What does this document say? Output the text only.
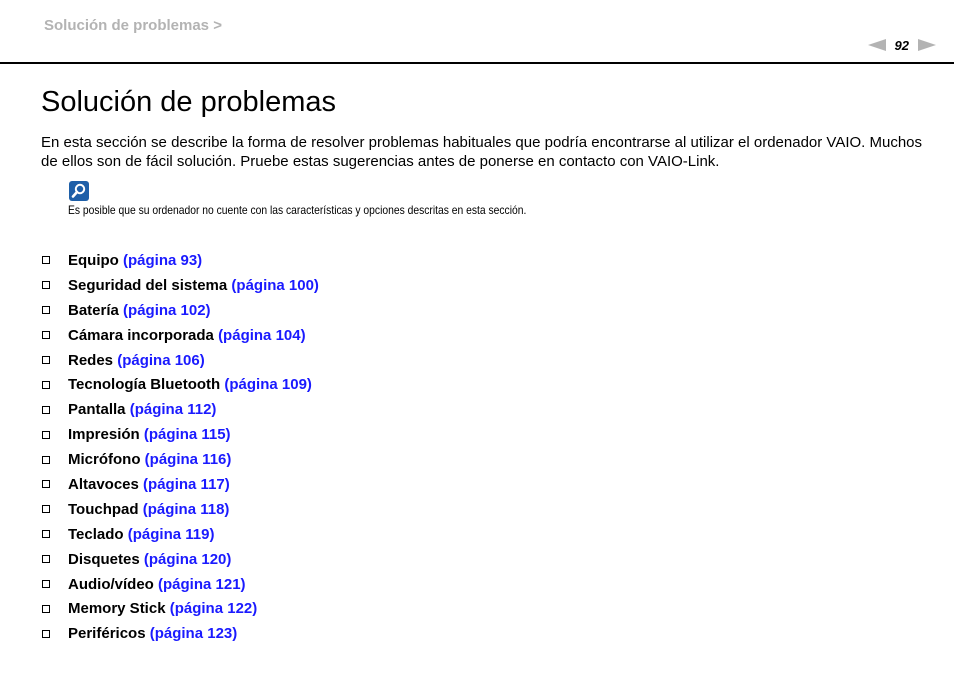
Solución de problemas >
92
Solución de problemas

En esta sección se describe la forma de resolver problemas habituales que podría encontrarse al utilizar el ordenador VAIO. Muchos de ellos son de fácil solución. Pruebe estas sugerencias antes de ponerse en contacto con VAIO-Link.

Es posible que su ordenador no cuente con las características y opciones descritas en esta sección.

Equipo
(página 93)
Seguridad del sistema
(página 100)
Batería
(página 102)
Cámara incorporada
(página 104)
Redes
(página 106)
Tecnología Bluetooth
(página 109)
Pantalla
(página 112)
Impresión
(página 115)
Micrófono
(página 116)
Altavoces
(página 117)
Touchpad
(página 118)
Teclado
(página 119)
Disquetes
(página 120)
Audio/vídeo
(página 121)
Memory Stick
(página 122)
Periféricos
(página 123)
